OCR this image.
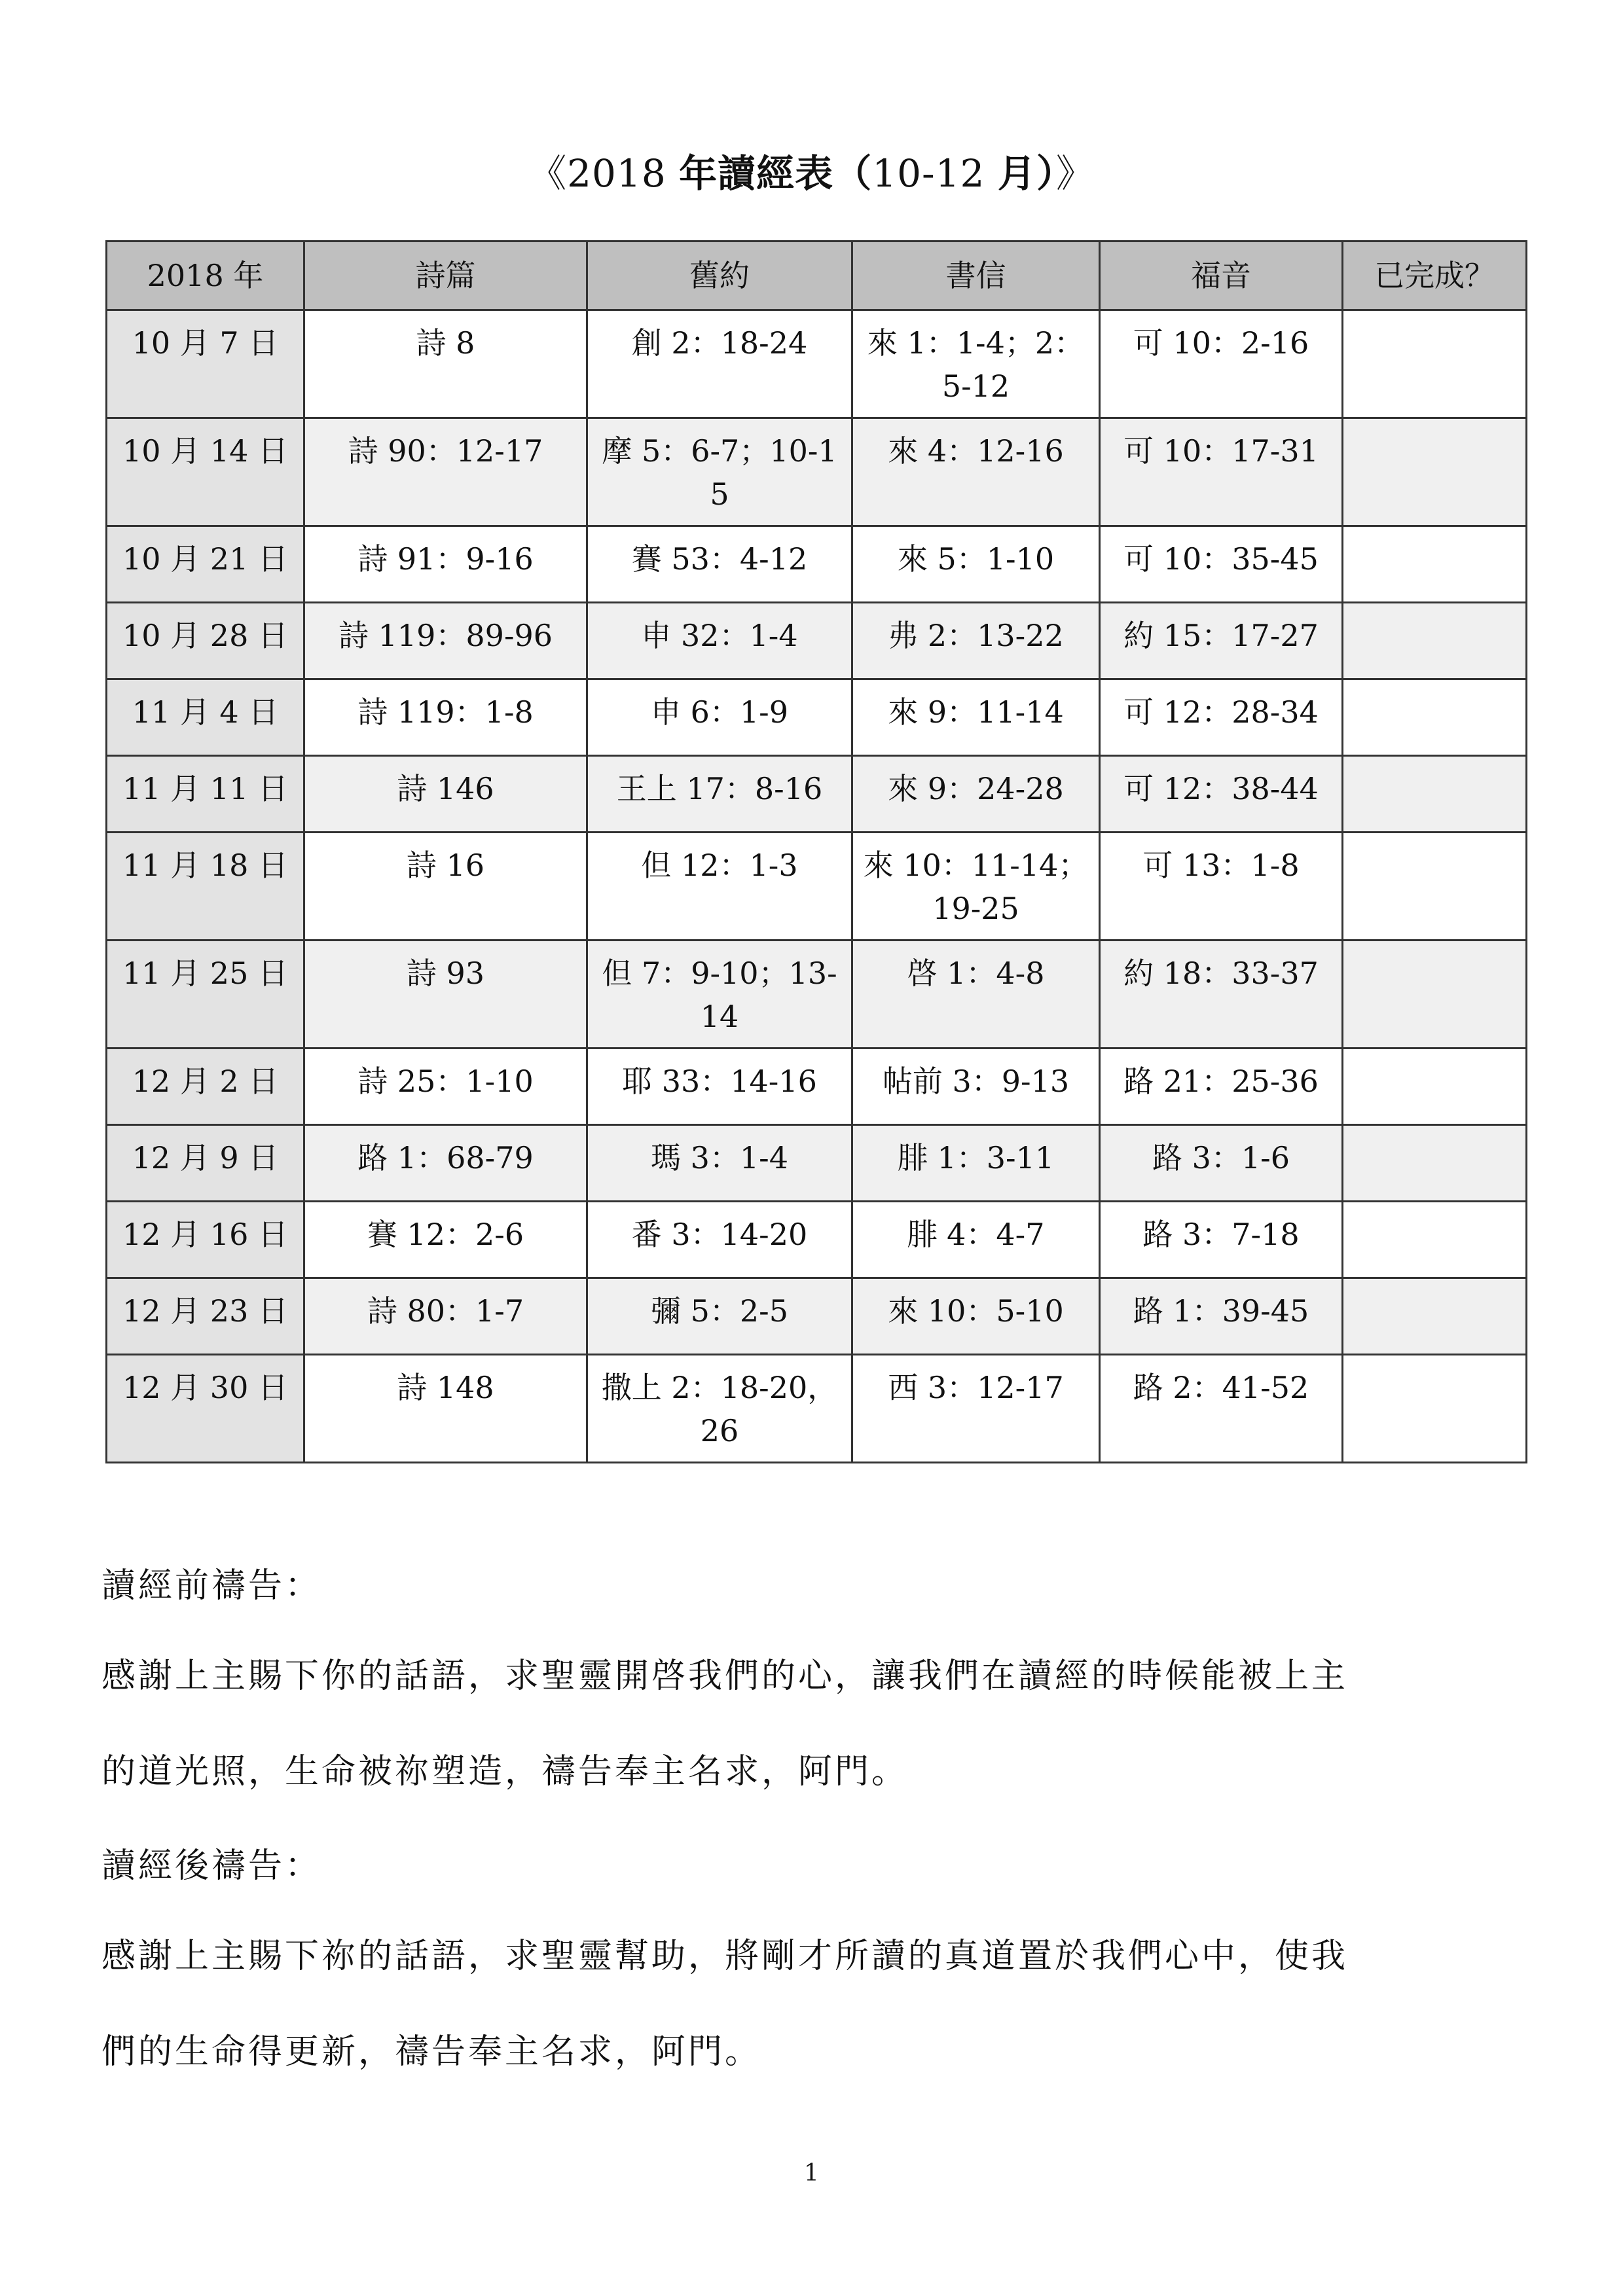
《2018 年讀經表（10-12 月）》
2018 年	詩篇	舊約	書信	福音	已完成？
10 月 7 日	詩 8	創 2：18-24	來 1：1-4；2：5-12	可 10：2-16	
10 月 14 日	詩 90：12-17	摩 5：6-7；10-15	來 4：12-16	可 10：17-31	
10 月 21 日	詩 91：9-16	賽 53：4-12	來 5：1-10	可 10：35-45	
10 月 28 日	詩 119：89-96	申 32：1-4	弗 2：13-22	約 15：17-27	
11 月 4 日	詩 119：1-8	申 6：1-9	來 9：11-14	可 12：28-34	
11 月 11 日	詩 146	王上 17：8-16	來 9：24-28	可 12：38-44	
11 月 18 日	詩 16	但 12：1-3	來 10：11-14；19-25	可 13：1-8	
11 月 25 日	詩 93	但 7：9-10；13-14	啓 1：4-8	約 18：33-37	
12 月 2 日	詩 25：1-10	耶 33：14-16	帖前 3：9-13	路 21：25-36	
12 月 9 日	路 1：68-79	瑪 3：1-4	腓 1：3-11	路 3：1-6	
12 月 16 日	賽 12：2-6	番 3：14-20	腓 4：4-7	路 3：7-18	
12 月 23 日	詩 80：1-7	彌 5：2-5	來 10：5-10	路 1：39-45	
12 月 30 日	詩 148	撒上 2：18-20，26	西 3：12-17	路 2：41-52	
讀經前禱告：
感謝上主賜下你的話語，求聖靈開啓我們的心，讓我們在讀經的時候能被上主
的道光照，生命被祢塑造，禱告奉主名求，阿門。
讀經後禱告：
感謝上主賜下祢的話語，求聖靈幫助，將剛才所讀的真道置於我們心中，使我
們的生命得更新，禱告奉主名求，阿門。
1
